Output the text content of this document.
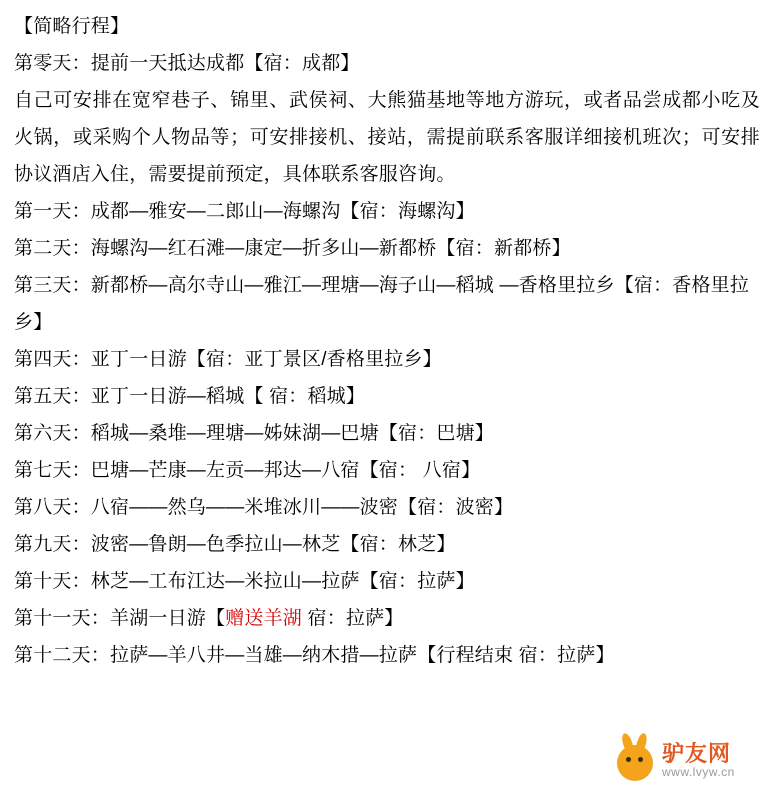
【简略行程】
第零天：提前一天抵达成都【宿：成都】
自己可安排在宽窄巷子、锦里、武侯祠、大熊猫基地等地方游玩，或者品尝成都小吃及火锅，或采购个人物品等；可安排接机、接站，需提前联系客服详细接机班次；可安排协议酒店入住，需要提前预定，具体联系客服咨询。
第一天：成都—雅安—二郎山—海螺沟【宿：海螺沟】
第二天：海螺沟—红石滩—康定—折多山—新都桥【宿：新都桥】
第三天：新都桥—高尔寺山—雅江—理塘—海子山—稻城 —香格里拉乡【宿：香格里拉乡】
第四天：亚丁一日游【宿：亚丁景区/香格里拉乡】
第五天：亚丁一日游—稻城【 宿：稻城】
第六天：稻城—桑堆—理塘—姊妹湖—巴塘【宿：巴塘】
第七天：巴塘—芒康—左贡—邦达—八宿【宿： 八宿】
第八天：八宿——然乌——米堆冰川——波密【宿：波密】
第九天：波密—鲁朗—色季拉山—林芝【宿：林芝】
第十天：林芝—工布江达—米拉山—拉萨【宿：拉萨】
第十一天：羊湖一日游【赠送羊湖 宿：拉萨】
第十二天：拉萨—羊八井—当雄—纳木措—拉萨【行程结束 宿：拉萨】
驴友网
www.lvyw.cn
